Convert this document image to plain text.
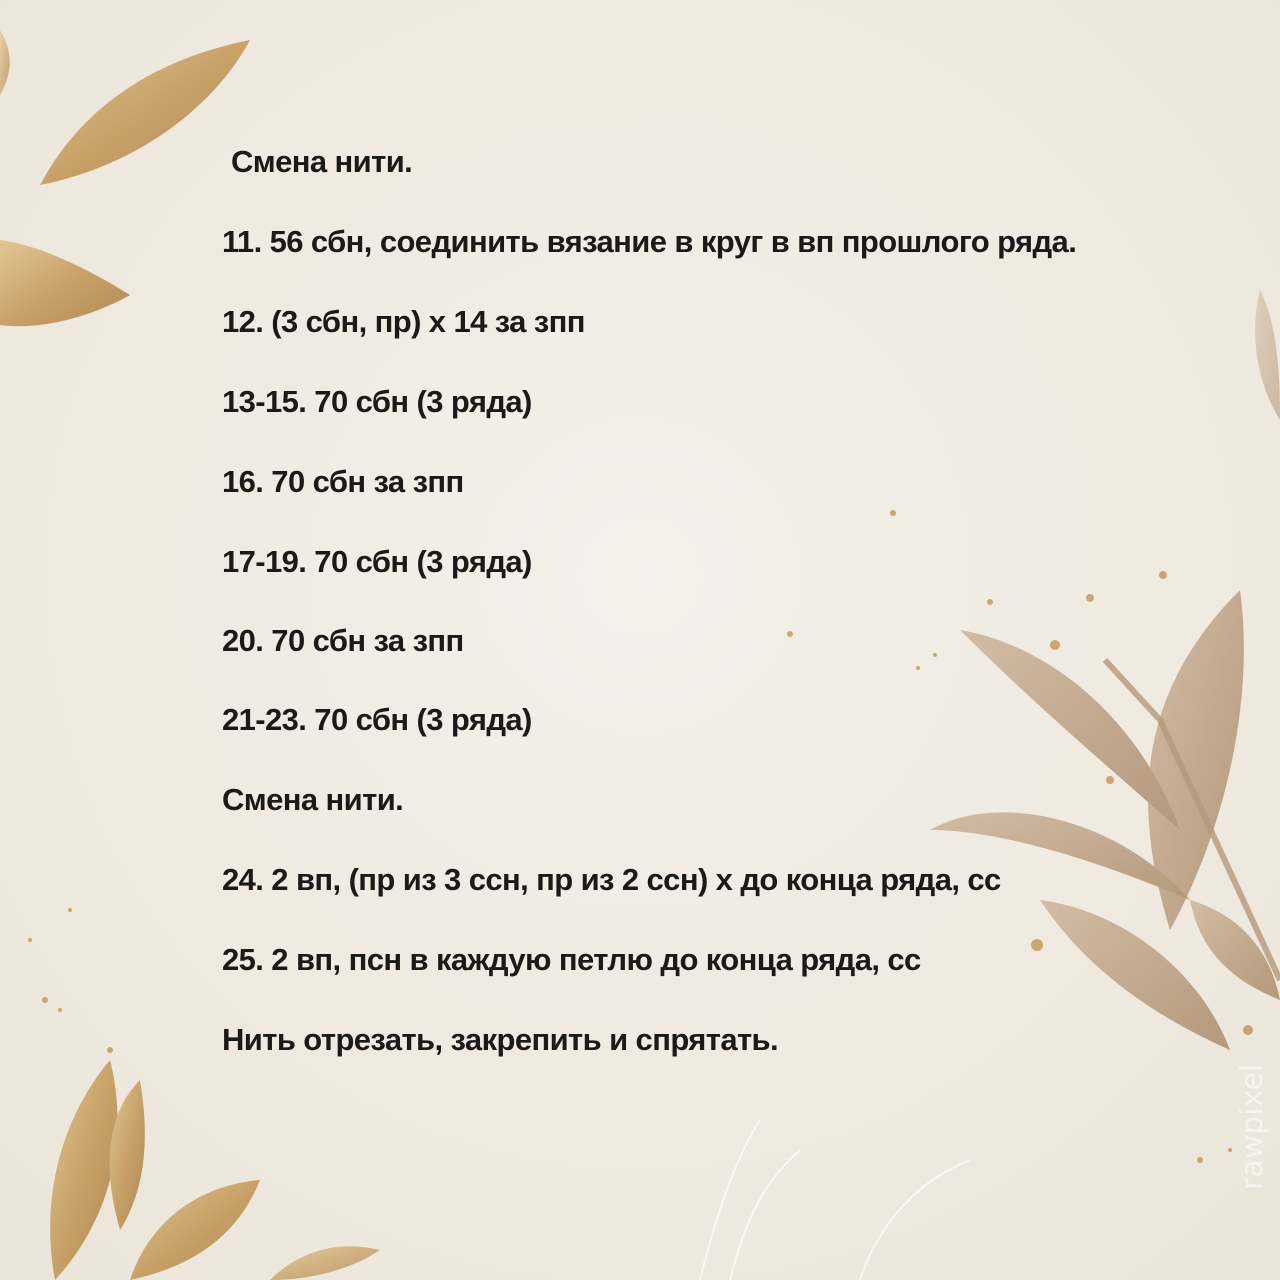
rawpixel
Смена нити.
11. 56 сбн, соединить вязание в круг в вп прошлого ряда.
12. (3 сбн, пр) х 14 за зпп
13-15. 70 сбн (3 ряда)
16. 70 сбн за зпп
17-19. 70 сбн (3 ряда)
20. 70 сбн за зпп
21-23. 70 сбн (3 ряда)
Смена нити.
24. 2 вп, (пр из 3 ссн, пр из 2 ссн) х до конца ряда, сс
25. 2 вп, псн в каждую петлю до конца ряда, сс
Нить отрезать, закрепить и спрятать.
